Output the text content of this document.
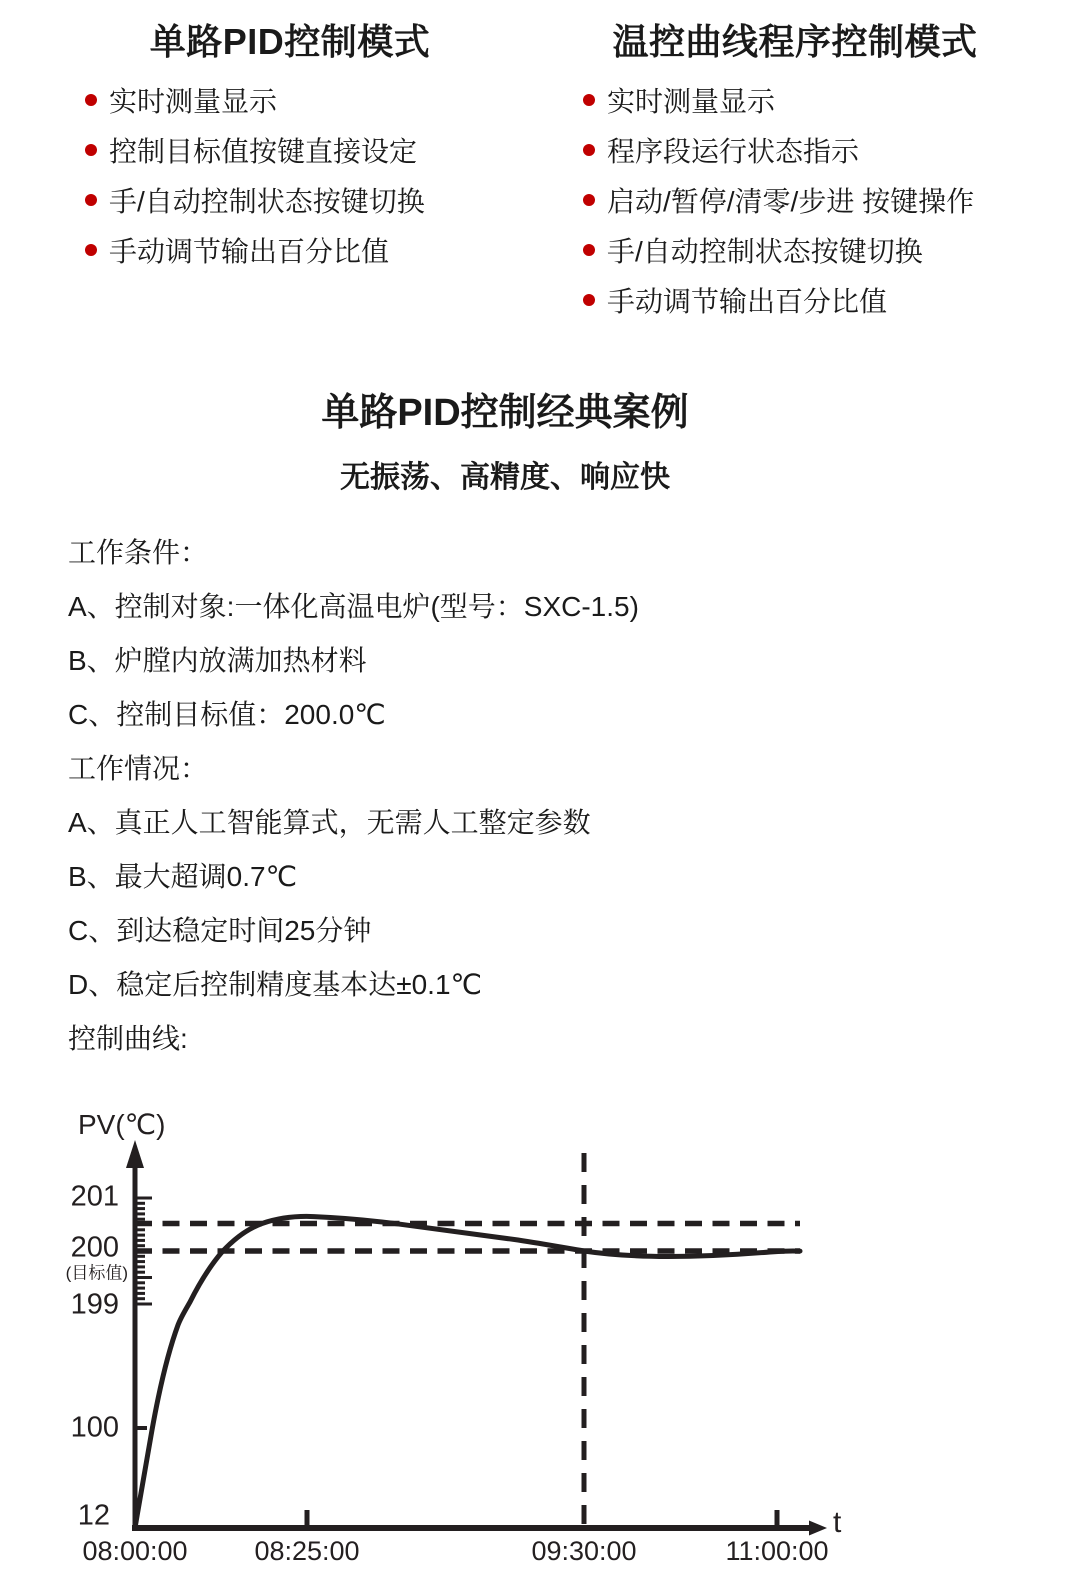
单路PID控制模式
实时测量显示
控制目标值按键直接设定
手/自动控制状态按键切换
手动调节输出百分比值
温控曲线程序控制模式
实时测量显示
程序段运行状态指示
启动/暂停/清零/步进 按键操作
手/自动控制状态按键切换
手动调节输出百分比值
单路PID控制经典案例
无振荡、高精度、响应快

工作条件：

A、控制对象:一体化高温电炉(型号：SXC-1.5)

B、炉膛内放满加热材料

C、控制目标值：200.0℃

工作情况：

A、真正人工智能算式，无需人工整定参数

B、最大超调0.7℃

C、到达稳定时间25分钟

D、稳定后控制精度基本达±0.1℃

控制曲线:

PV(℃)
t
201
200
(目标值)
199
100
12
08:00:00 08:25:00	09:30:00	11:00:00
